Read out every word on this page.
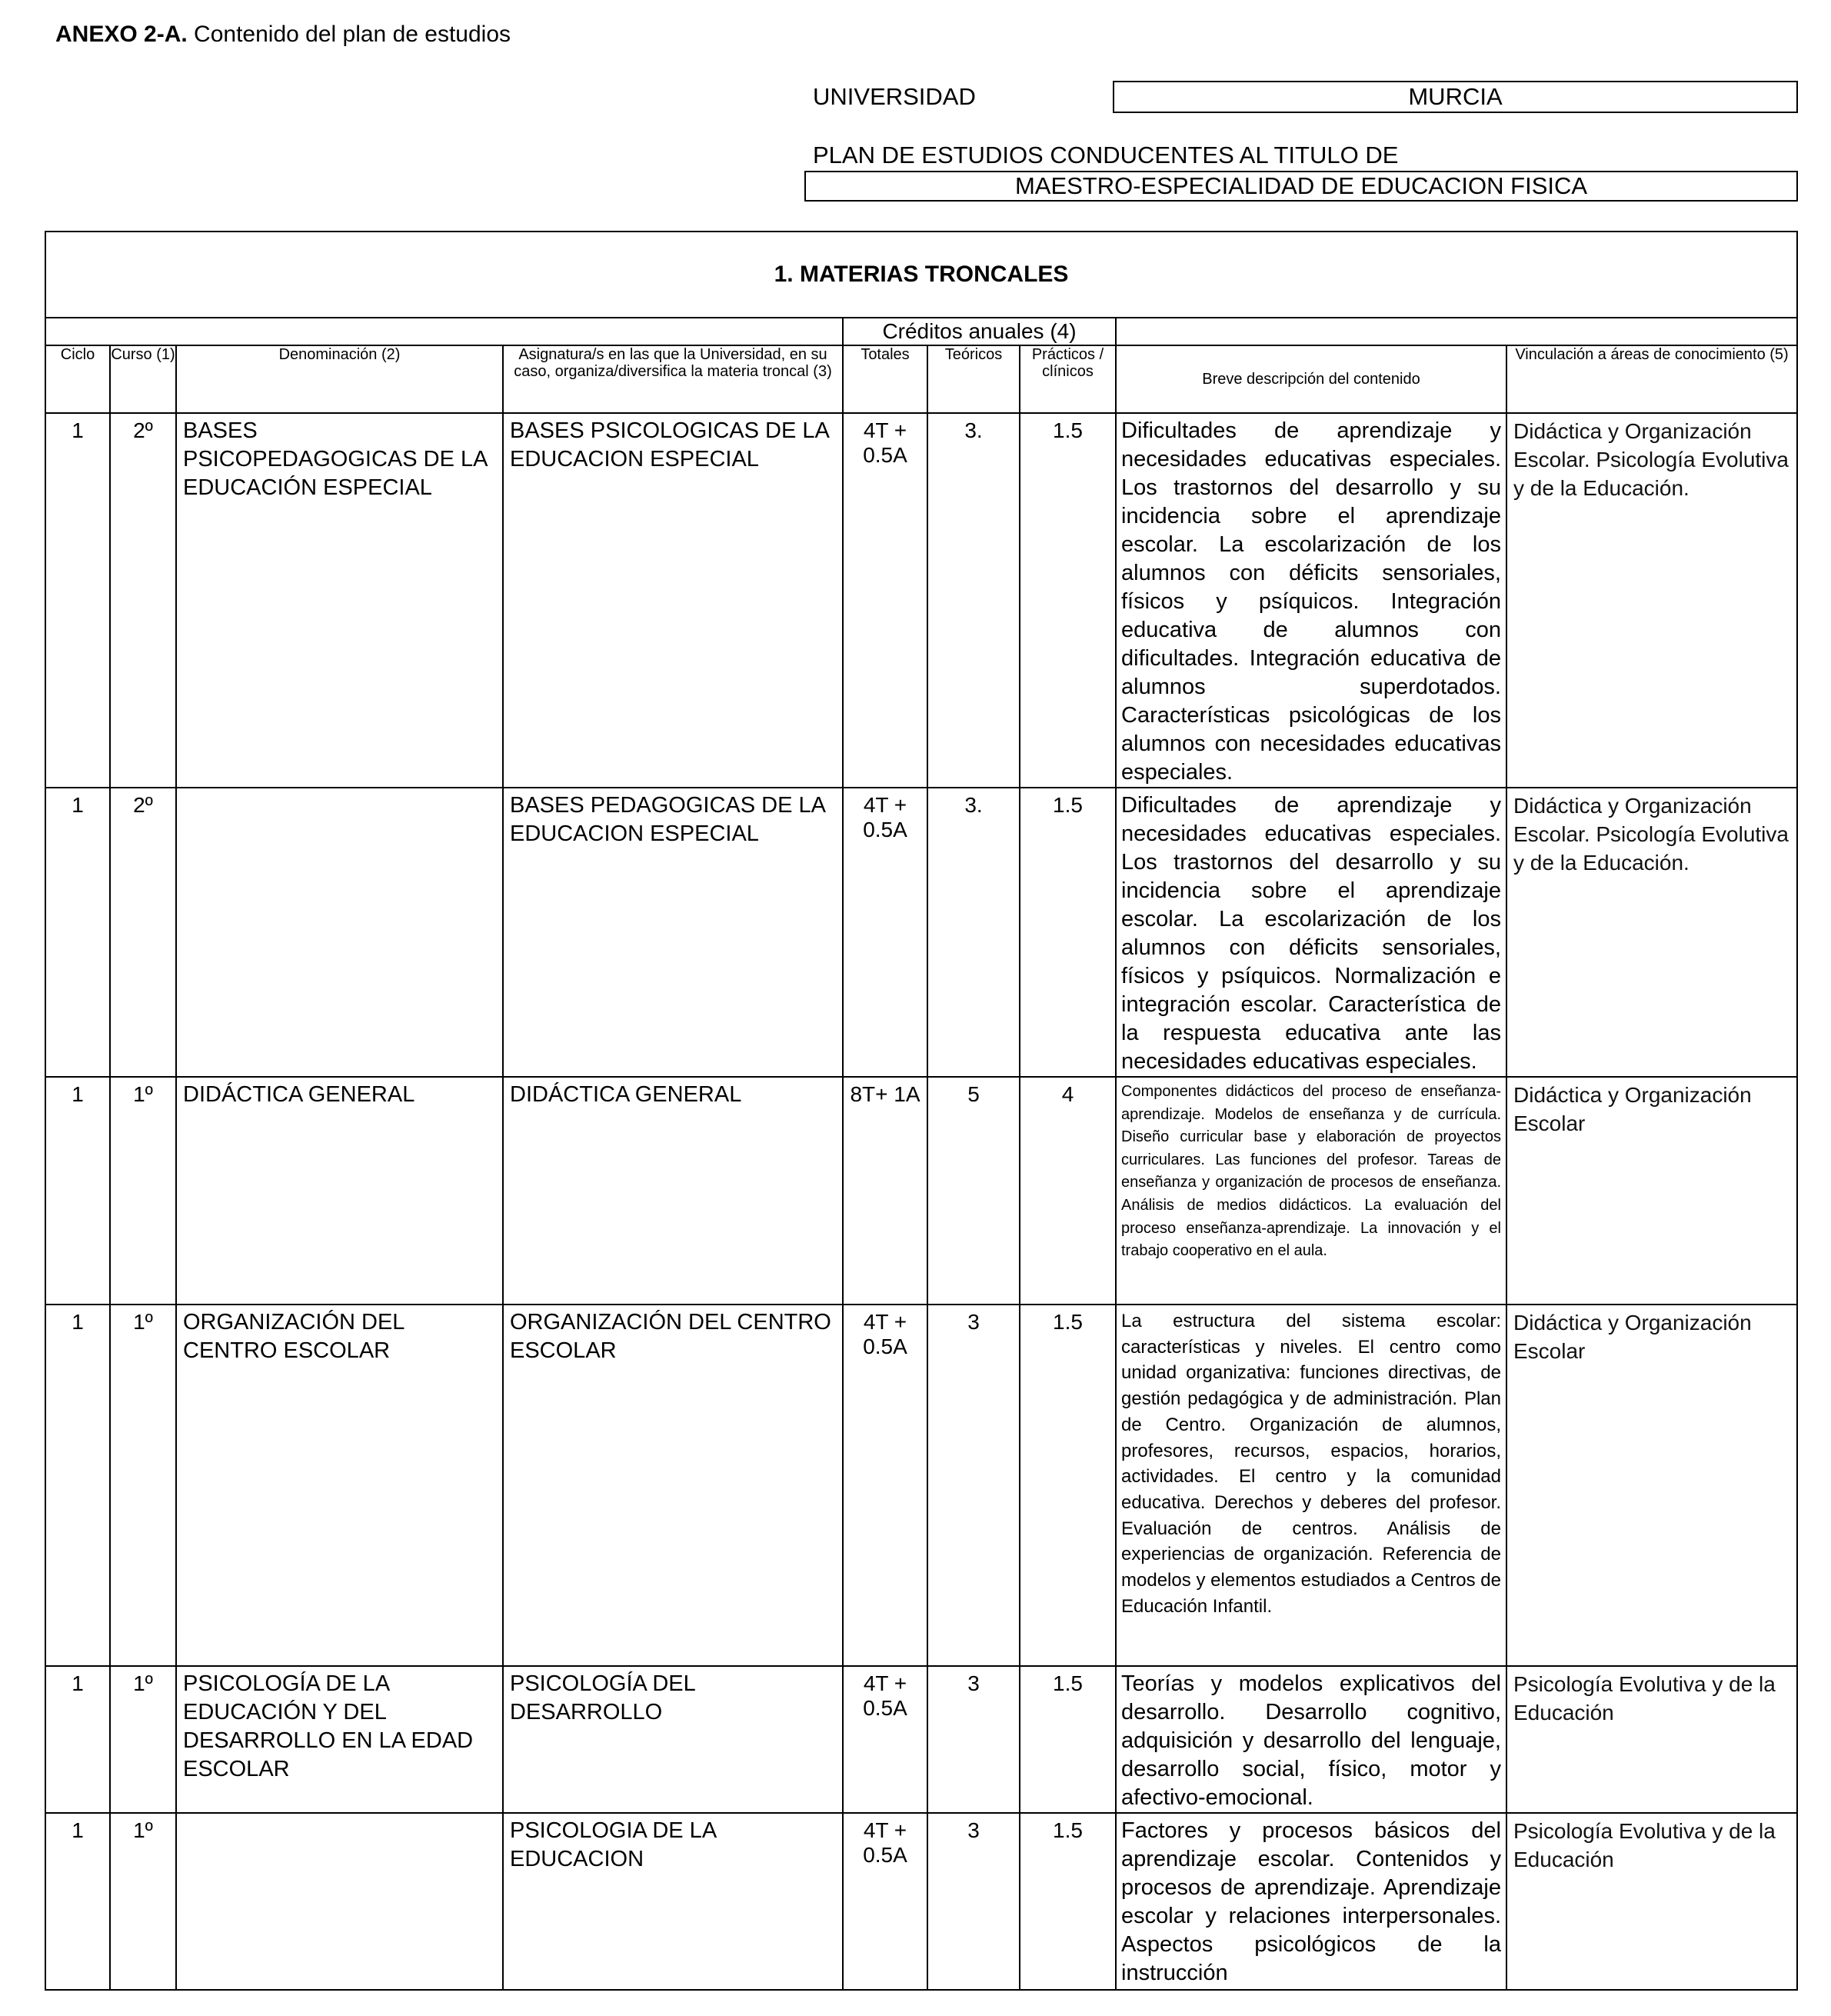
ANEXO 2-A. Contenido del plan de estudios
UNIVERSIDAD	MURCIA
PLAN DE ESTUDIOS CONDUCENTES AL TITULO DE
MAESTRO-ESPECIALIDAD DE EDUCACION FISICA
1. MATERIAS TRONCALES								
				Créditos anuales (4)				
Ciclo	Curso (1)	Denominación (2)	Asignatura/s en las que la Universidad, en su caso, organiza/diversifica la materia troncal (3)	Totales	Teóricos	Prácticos / clínicos	Breve descripción del contenido	Vinculación a áreas de conocimiento (5)
1	2º	BASES PSICOPEDAGOGICAS DE LA EDUCACIÓN ESPECIAL	BASES PSICOLOGICAS DE LA EDUCACION ESPECIAL	4T + 0.5A	3.	1.5	Dificultades de aprendizaje y necesidades educativas especiales. Los trastornos del desarrollo y su incidencia sobre el aprendizaje escolar. La escolarización de los alumnos con déficits sensoriales, físicos y psíquicos. Integración educativa de alumnos con dificultades. Integración educativa de alumnos superdotados. Características psicológicas de los alumnos con necesidades educativas especiales.	Didáctica y Organización Escolar. Psicología Evolutiva y de la Educación.
1	2º		BASES PEDAGOGICAS DE LA EDUCACION ESPECIAL	4T + 0.5A	3.	1.5	Dificultades de aprendizaje y necesidades educativas especiales. Los trastornos del desarrollo y su incidencia sobre el aprendizaje escolar. La escolarización de los alumnos con déficits sensoriales, físicos y psíquicos. Normalización e integración escolar. Característica de la respuesta educativa ante las necesidades educativas especiales.	Didáctica y Organización Escolar. Psicología Evolutiva y de la Educación.
1	1º	DIDÁCTICA GENERAL	DIDÁCTICA GENERAL	8T+ 1A	5	4	Componentes didácticos del proceso de enseñanza-aprendizaje. Modelos de enseñanza y de currícula. Diseño curricular base y elaboración de proyectos curriculares. Las funciones del profesor. Tareas de enseñanza y organización de procesos de enseñanza. Análisis de medios didácticos. La evaluación del proceso enseñanza-aprendizaje. La innovación y el trabajo cooperativo en el aula.	Didáctica y Organización Escolar
1	1º	ORGANIZACIÓN DEL CENTRO ESCOLAR	ORGANIZACIÓN DEL CENTRO ESCOLAR	4T + 0.5A	3	1.5	La estructura del sistema escolar: características y niveles. El centro como unidad organizativa: funciones directivas, de gestión pedagógica y de administración. Plan de Centro. Organización de alumnos, profesores, recursos, espacios, horarios, actividades. El centro y la comunidad educativa. Derechos y deberes del profesor. Evaluación de centros. Análisis de experiencias de organización. Referencia de modelos y elementos estudiados a Centros de Educación Infantil.	Didáctica y Organización Escolar
1	1º	PSICOLOGÍA DE LA EDUCACIÓN Y DEL DESARROLLO EN LA EDAD ESCOLAR	PSICOLOGÍA DEL DESARROLLO	4T + 0.5A	3	1.5	Teorías y modelos explicativos del desarrollo. Desarrollo cognitivo, adquisición y desarrollo del lenguaje, desarrollo social, físico, motor y afectivo-emocional.	Psicología Evolutiva y de la Educación
1	1º		PSICOLOGIA DE LA EDUCACION	4T + 0.5A	3	1.5	Factores y procesos básicos del aprendizaje escolar. Contenidos y procesos de aprendizaje. Aprendizaje escolar y relaciones interpersonales. Aspectos psicológicos de la instrucción	Psicología Evolutiva y de la Educación
